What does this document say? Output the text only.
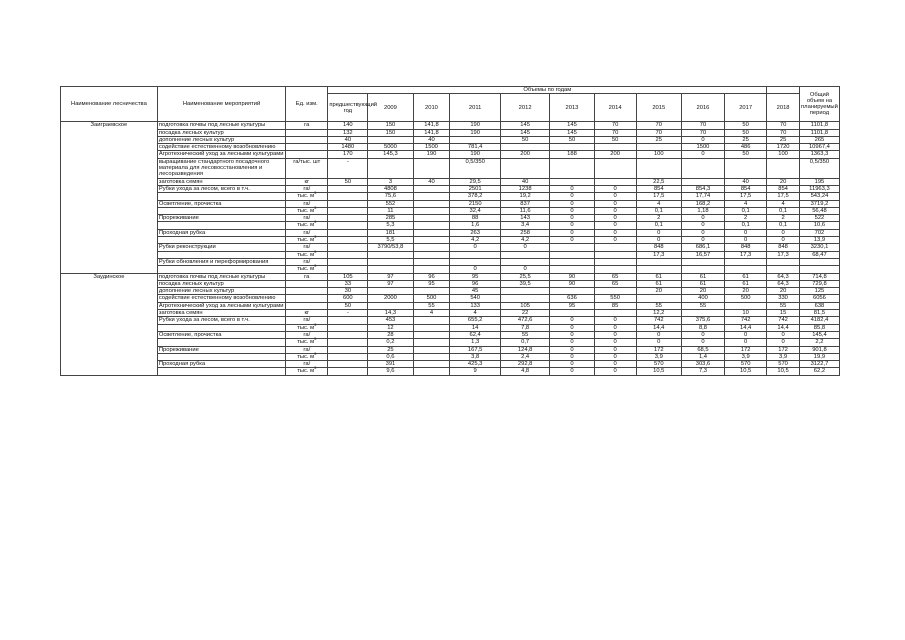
Наименование лесничества	Наименование мероприятий	Ед. изм.	Объемы по годам											Общий объем на планируемый период
			предшествующий год	2009	2010	2011	2012	2013	2014	2015	2016	2017	2018	
Заиграевское	подготовка почвы под лесные культуры	га	140	150	141,8	190	145	145	70	70	70	50	70	1101,8
	посадка лесных культур		132	150	141,8	190	145	145	70	70	70	50	70	1101,8
	дополнение лесных культур		40		40		50	50	50	25	0	25	25	265
	содействие естественному возобновлению		1480	5000	1500	781,4					1500	486	1720	10967,4
	Агротехнический уход за лесными культурами		170	145,3	190	190	200	188	200	100	0	50	100	1363,3
	выращивание стандартного посадочного материала для лесовосстановления и лесоразведения	га/тыс. шт	-			0,5/350								0,5/350
	заготовка семян	кг	50	3	40	29,5	40			22,5		40	20	195
	Рубки ухода за лесом, всего в т.ч.	га/		4808		2501	1238	0	0	854	854,3	854	854	11963,3
		тыс. $м^3$		75,6		378,2	19,2	0	0	17,5	17,74	17,5	17,5	543,24
	Осветление, прочистка	га/		552		2150	837	0	0	4	168,2	4	4	3719,2
		тыс. $м^3$		11		32,4	11,6	0	0	0,1	1,18	0,1	0,1	56,48
	Прореживание	га/		285		88	143	0	0	2	0	2	2	522
		тыс. $м^3$		5,3		1,6	3,4	0	0	0,1	0	0,1	0,1	10,6
	Проходная рубка	га/		181		263	258	0	0	0	0	0	0	702
		тыс. $м^3$		5,5		4,2	4,2	0	0	0	0	0	0	13,9
	Рубки реконструкции	га/		3790/53,8		0	0			848	686,1	848	848	3230,1
		тыс. $м^3$								17,3	16,57	17,3	17,3	68,47
	Рубки обновления и переформирования	га/												
		тыс. $м^3$				0	0							
Заудинское	подготовка почвы под лесные культуры	га	105	97	96	95	25,5	90	65	61	61	61	64,3	714,8
	посадка лесных культур		33	97	95	96	39,5	90	65	61	61	61	64,3	729,8
	дополнение лесных культур		30			45				20	20	20	20	125
	содействие естественному возобновлению		600	2000	500	540		636	550		400	500	330	6056
	Агротехнический уход за лесными культурами		50		55	133	105	95	85	55	55		55	638
	заготовка семян	кг	-	14,3	4	4	22			12,2		10	15	81,5
	Рубки ухода за лесом, всего в т.ч.	га/		453		655,2	472,6	0	0	742	375,6	742	742	4182,4
		тыс. $м^3$		12		14	7,8	0	0	14,4	8,8	14,4	14,4	85,8
	Осветление, прочистка	га/		28		62,4	55	0	0	0	0	0	0	145,4
		тыс. $м^3$		0,2		1,3	0,7	0	0	0	0	0	0	2,2
	Прореживание	га/		25		167,5	124,8	0	0	172	68,5	172	172	901,8
		тыс. $м^3$		0,6		3,8	2,4	0	0	3,9	1,4	3,9	3,9	19,9
	Проходная рубка	га/		391		425,3	292,8	0	0	570	303,6	570	570	3122,7
		тыс. $м^3$		9,6		9	4,8	0	0	10,5	7,3	10,5	10,5	62,2
